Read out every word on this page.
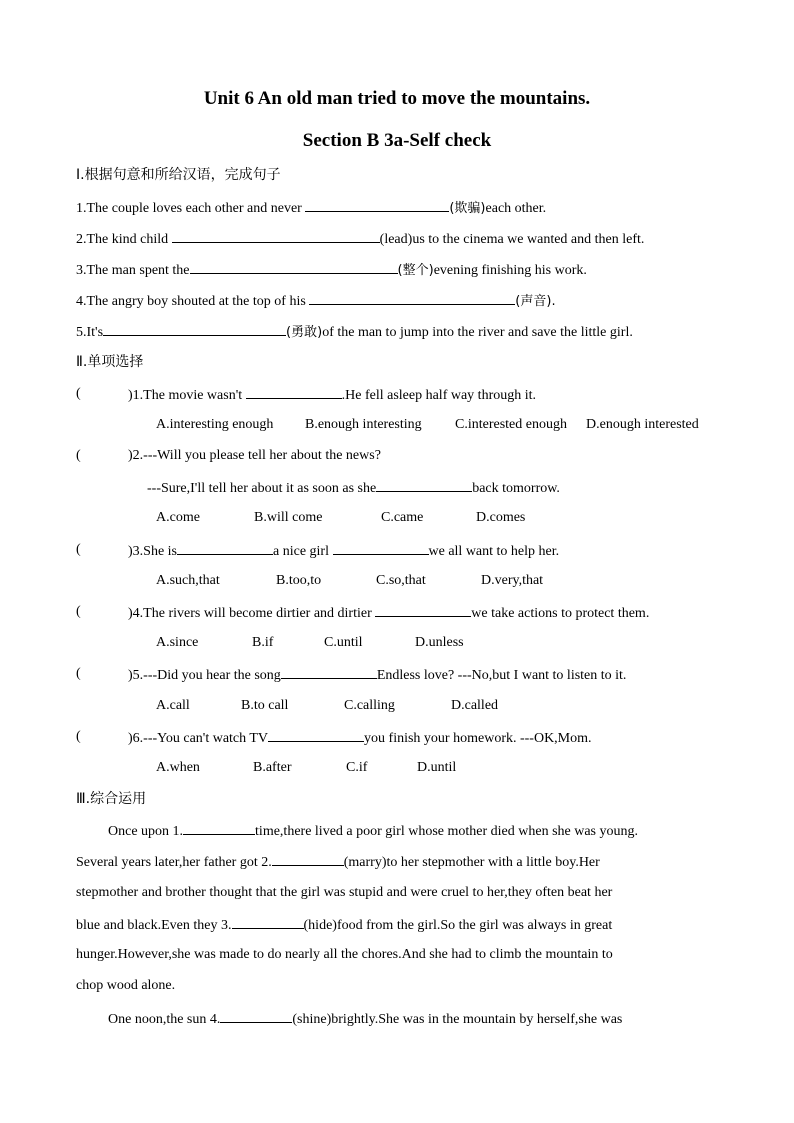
Unit 6 An old man tried to move the mountains.
Section B 3a-Self check
I.根据句意和所给汉语，完成句子
1.The couple loves each other and never	(欺骗)each other.
2.The kind child	(lead)us to the cinema we wanted and then left.
3.The man spent the	(整个)evening finishing his work.
4.The angry boy shouted at the top of his	(声音).
5.It's	(勇敢)of the man to jump into the river and save the little girl.
Ⅱ.单项选择
(	)1.The movie wasn't	.He fell asleep half way through it.
A.interesting enough B.enough interesting C.interested enough D.enough interested
(	)2.---Will you please tell her about the news?
---Sure,I'll tell her about it as soon as she	back tomorrow.
A.come	B.will come	C.came	D.comes
(	)3.She is	a nice girl	we all want to help her.
A.such,that	B.too,to	C.so,that	D.very,that
(	)4.The rivers will become dirtier and dirtier	we take actions to protect them.
A.since	B.if	C.until	D.unless
(	)5.---Did you hear the song	Endless love? ---No,but I want to listen to it.
A.call	B.to call	C.calling	D.called
(	)6.---You can't watch TV	you finish your homework. ---OK,Mom.
A.when	B.after	C.if	D.until
Ⅲ.综合运用
Once upon 1.	time,there lived a poor girl whose mother died when she was young.
Several years later,her father got 2.	(marry)to her stepmother with a little boy.Her
stepmother and brother thought that the girl was stupid and were cruel to her,they often beat her
blue and black.Even they 3.	(hide)food from the girl.So the girl was always in great
hunger.However,she was made to do nearly all the chores.And she had to climb the mountain to
chop wood alone.
One noon,the sun 4.	(shine)brightly.She was in the mountain by herself,she was
